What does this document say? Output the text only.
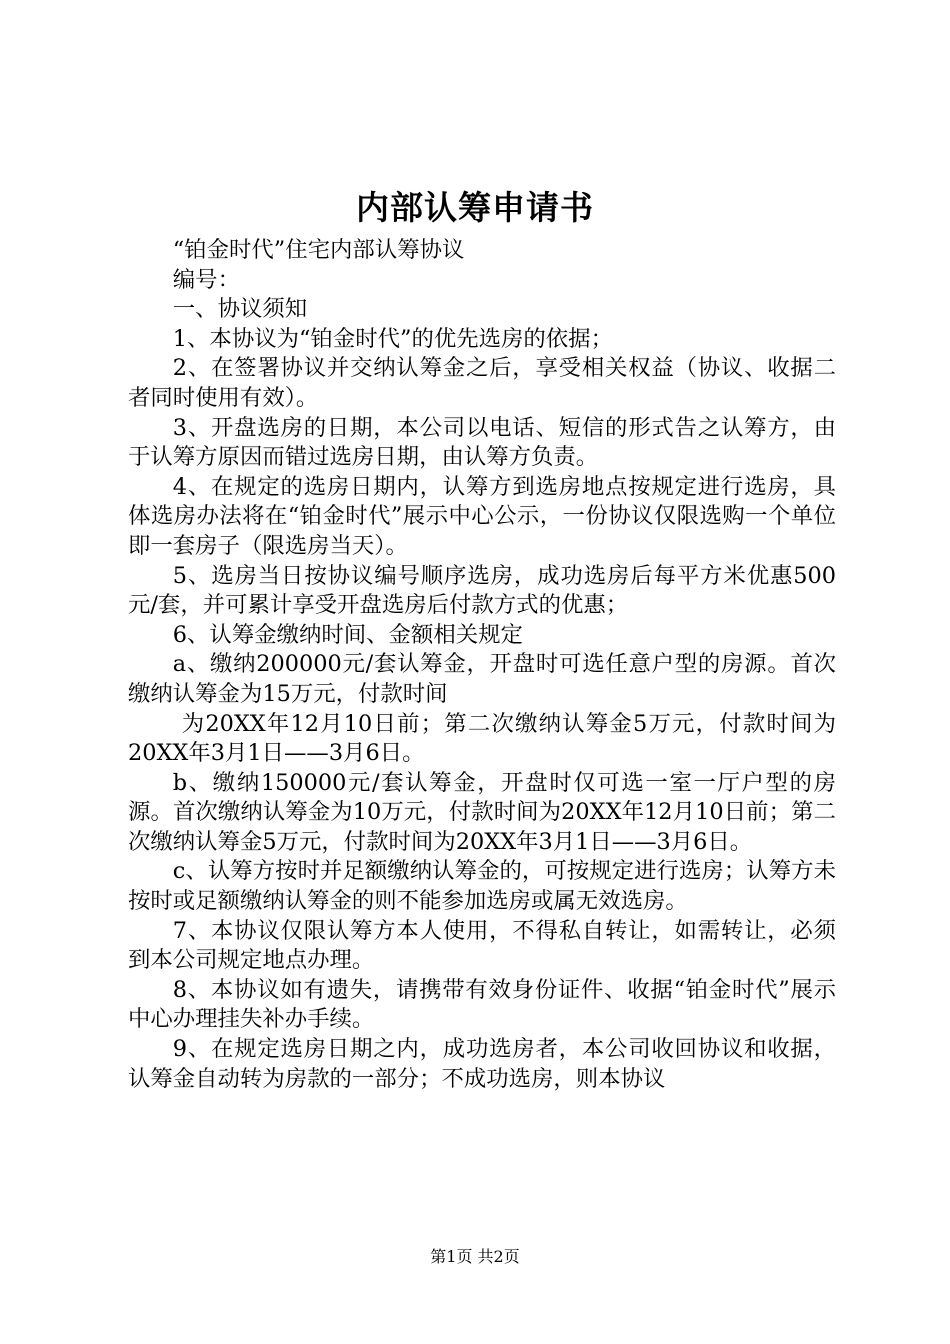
内部认筹申请书

“铂金时代”住宅内部认筹协议

编号：

一、协议须知

1、本协议为“铂金时代”的优先选房的依据；

2、在签署协议并交纳认筹金之后，享受相关权益（协议、收据二者同时使用有效）。

3、开盘选房的日期，本公司以电话、短信的形式告之认筹方，由于认筹方原因而错过选房日期，由认筹方负责。

4、在规定的选房日期内，认筹方到选房地点按规定进行选房，具体选房办法将在“铂金时代”展示中心公示，一份协议仅限选购一个单位即一套房子（限选房当天）。

5、选房当日按协议编号顺序选房，成功选房后每平方米优惠500元/套，并可累计享受开盘选房后付款方式的优惠；

6、认筹金缴纳时间、金额相关规定

a、缴纳200000元/套认筹金，开盘时可选任意户型的房源。首次缴纳认筹金为15万元，付款时间

为20XX年12月10日前；第二次缴纳认筹金5万元，付款时间为20XX年3月1日——3月6日。

b、缴纳150000元/套认筹金，开盘时仅可选一室一厅户型的房源。首次缴纳认筹金为10万元，付款时间为20XX年12月10日前；第二次缴纳认筹金5万元，付款时间为20XX年3月1日——3月6日。

c、认筹方按时并足额缴纳认筹金的，可按规定进行选房；认筹方未按时或足额缴纳认筹金的则不能参加选房或属无效选房。

7、本协议仅限认筹方本人使用，不得私自转让，如需转让，必须到本公司规定地点办理。

8、本协议如有遗失，请携带有效身份证件、收据“铂金时代”展示中心办理挂失补办手续。

9、在规定选房日期之内，成功选房者，本公司收回协议和收据，认筹金自动转为房款的一部分；不成功选房，则本协议

第1页 共2页
